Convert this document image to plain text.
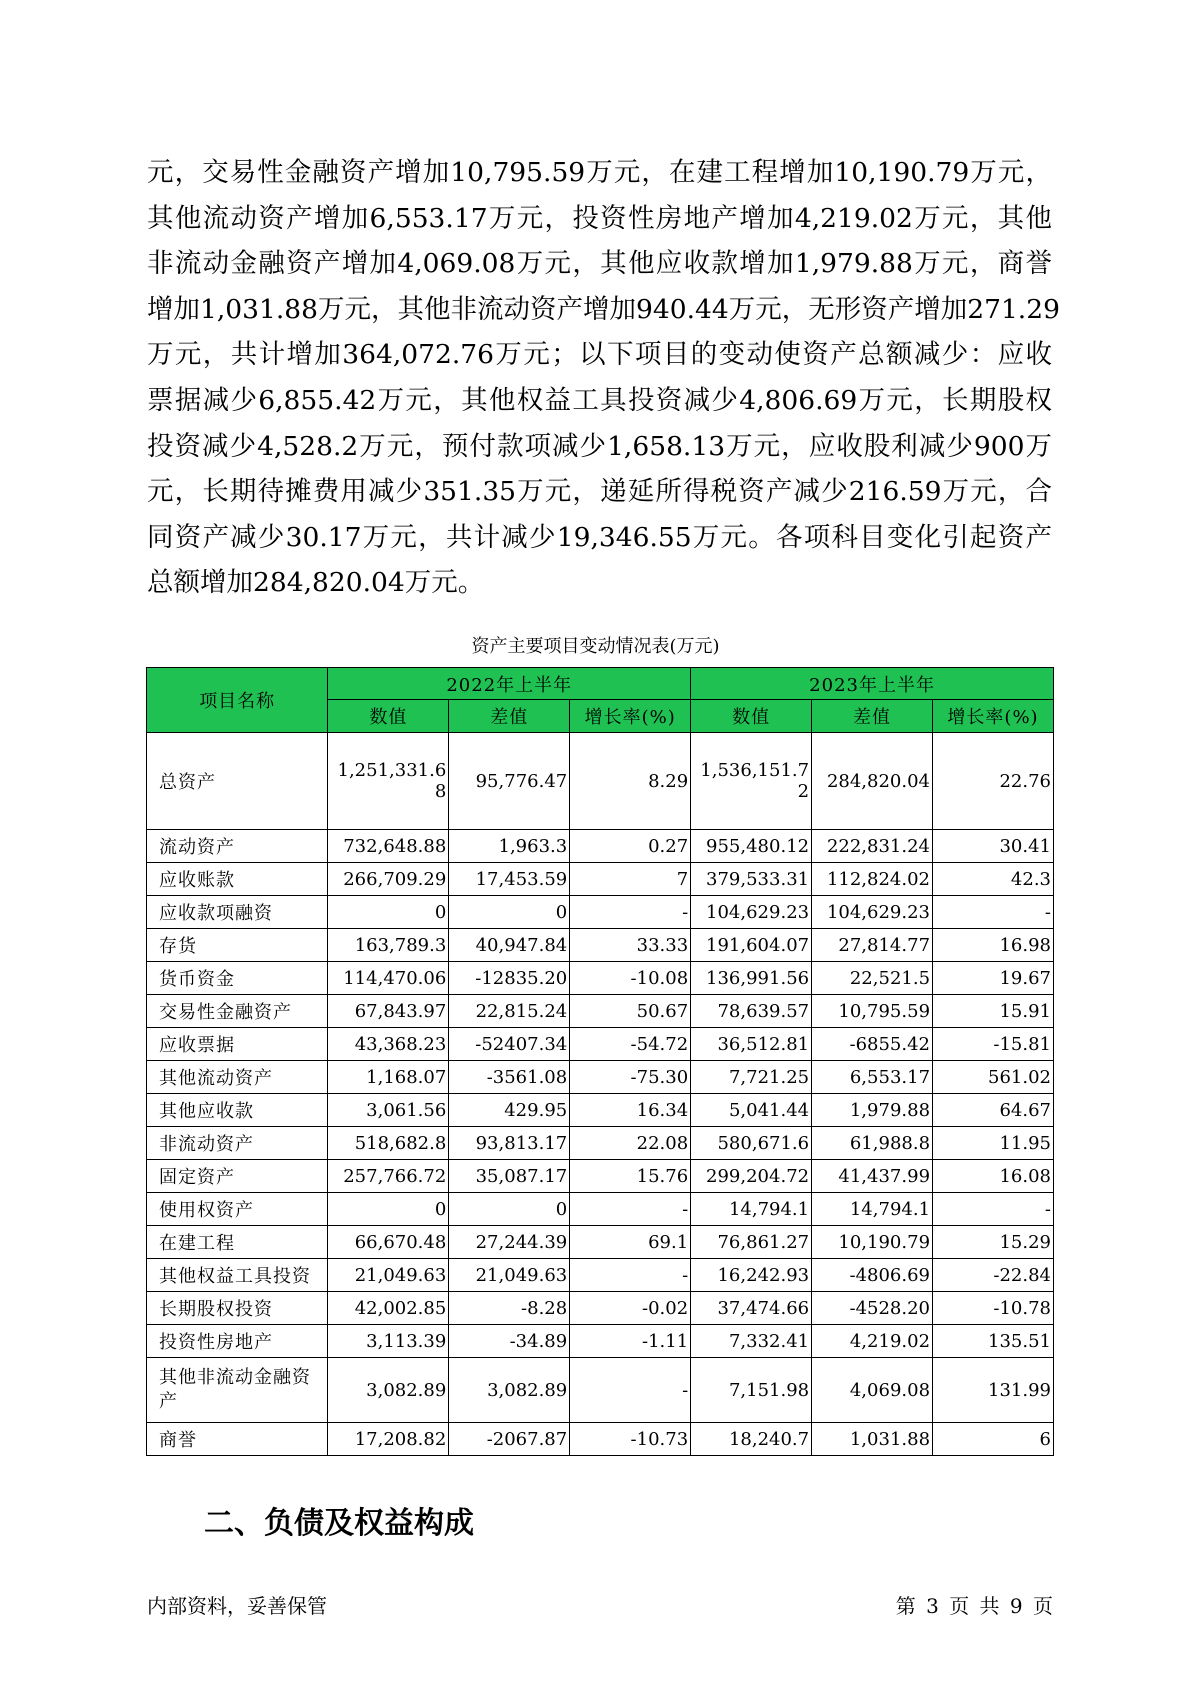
元，交易性金融资产增加10,795.59万元，在建工程增加10,190.79万元，
其他流动资产增加6,553.17万元，投资性房地产增加4,219.02万元，其他
非流动金融资产增加4,069.08万元，其他应收款增加1,979.88万元，商誉
增加1,031.88万元，其他非流动资产增加940.44万元，无形资产增加271.29
万元，共计增加364,072.76万元；以下项目的变动使资产总额减少：应收
票据减少6,855.42万元，其他权益工具投资减少4,806.69万元，长期股权
投资减少4,528.2万元，预付款项减少1,658.13万元，应收股利减少900万
元，长期待摊费用减少351.35万元，递延所得税资产减少216.59万元，合
同资产减少30.17万元，共计减少19,346.55万元。各项科目变化引起资产
总额增加284,820.04万元。
资产主要项目变动情况表(万元)
项目名称	2022年上半年			2023年上半年		
	数值	差值	增长率(%)	数值	差值	增长率(%)
总资产	1,251,331.68	95,776.47	8.29	1,536,151.72	284,820.04	22.76
流动资产	732,648.88	1,963.3	0.27	955,480.12	222,831.24	30.41
应收账款	266,709.29	17,453.59	7	379,533.31	112,824.02	42.3
应收款项融资	0	0	-	104,629.23	104,629.23	-
存货	163,789.3	40,947.84	33.33	191,604.07	27,814.77	16.98
货币资金	114,470.06	-12835.20	-10.08	136,991.56	22,521.5	19.67
交易性金融资产	67,843.97	22,815.24	50.67	78,639.57	10,795.59	15.91
应收票据	43,368.23	-52407.34	-54.72	36,512.81	-6855.42	-15.81
其他流动资产	1,168.07	-3561.08	-75.30	7,721.25	6,553.17	561.02
其他应收款	3,061.56	429.95	16.34	5,041.44	1,979.88	64.67
非流动资产	518,682.8	93,813.17	22.08	580,671.6	61,988.8	11.95
固定资产	257,766.72	35,087.17	15.76	299,204.72	41,437.99	16.08
使用权资产	0	0	-	14,794.1	14,794.1	-
在建工程	66,670.48	27,244.39	69.1	76,861.27	10,190.79	15.29
其他权益工具投资	21,049.63	21,049.63	-	16,242.93	-4806.69	-22.84
长期股权投资	42,002.85	-8.28	-0.02	37,474.66	-4528.20	-10.78
投资性房地产	3,113.39	-34.89	-1.11	7,332.41	4,219.02	135.51
其他非流动金融资产	3,082.89	3,082.89	-	7,151.98	4,069.08	131.99
商誉	17,208.82	-2067.87	-10.73	18,240.7	1,031.88	6
二、负债及权益构成
内部资料，妥善保管	第 3 页 共 9 页
